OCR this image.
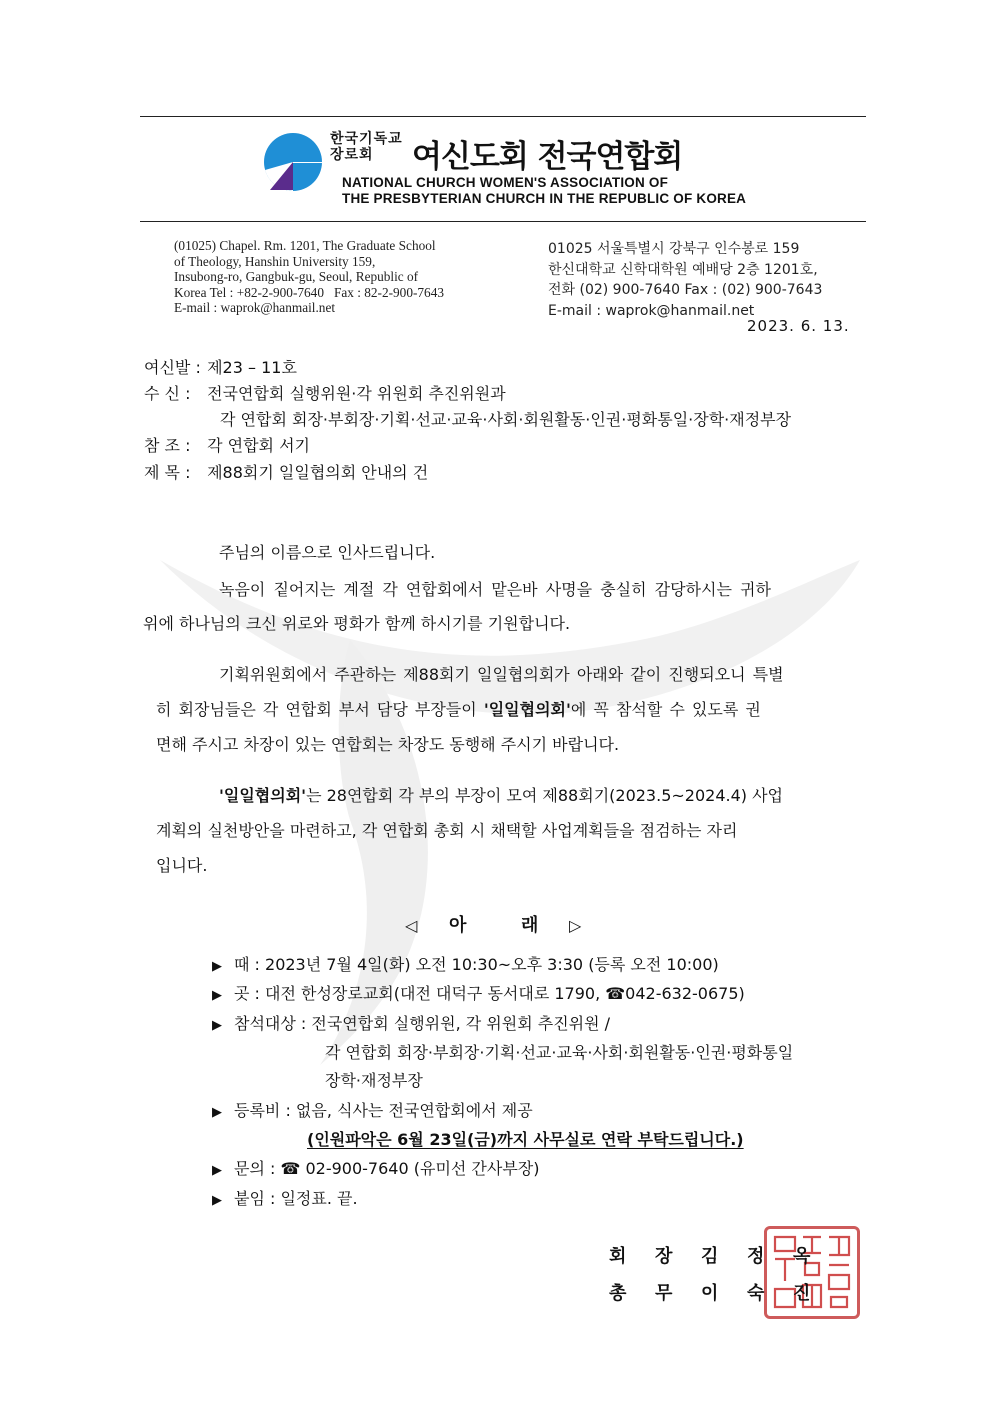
한국기독교 장로회	여신도회 전국연합회
NATIONAL CHURCH WOMEN'S ASSOCIATION OF
THE PRESBYTERIAN CHURCH IN THE REPUBLIC OF KOREA
(01025) Chapel. Rm. 1201, The Graduate School
of Theology, Hanshin University 159,
Insubong-ro, Gangbuk-gu, Seoul, Republic of
Korea Tel : +82-2-900-7640   Fax : 82-2-900-7643
E-mail : waprok@hanmail.net
01025 서울특별시 강북구 인수봉로 159
한신대학교 신학대학원 예배당 2층 1201호,
전화 (02) 900-7640 Fax : (02) 900-7643
E-mail : waprok@hanmail.net
2023. 6. 13.
여신발 : 제23 – 11호
수 신 : 전국연합회 실행위원·각 위원회 추진위원과
각 연합회 회장·부회장·기획·선교·교육·사회·회원활동·인권·평화통일·장학·재정부장
참 조 : 각 연합회 서기
제 목 : 제88회기 일일협의회 안내의 건
주님의 이름으로 인사드립니다.
녹음이 짙어지는 계절 각 연합회에서 맡은바 사명을 충실히 감당하시는 귀하
위에 하나님의 크신 위로와 평화가 함께 하시기를 기원합니다.
기획위원회에서 주관하는 제88회기 일일협의회가 아래와 같이 진행되오니 특별
히 회장님들은 각 연합회 부서 담당 부장들이 '일일협의회'에 꼭 참석할 수 있도록 권
면해 주시고 차장이 있는 연합회는 차장도 동행해 주시기 바랍니다.
'일일협의회'는 28연합회 각 부의 부장이 모여 제88회기(2023.5~2024.4) 사업
계획의 실천방안을 마련하고, 각 연합회 총회 시 채택할 사업계획들을 점검하는 자리
입니다.
◁ 아	래 ▷
▶ 때 : 2023년 7월 4일(화) 오전 10:30~오후 3:30 (등록 오전 10:00)
▶ 곳 : 대전 한성장로교회(대전 대덕구 동서대로 1790, ☎042-632-0675)
▶ 참석대상 : 전국연합회 실행위원, 각 위원회 추진위원 /
각 연합회 회장·부회장·기획·선교·교육·사회·회원활동·인권·평화통일
장학·재정부장
▶ 등록비 : 없음, 식사는 전국연합회에서 제공
(인원파악은 6월 23일(금)까지 사무실로 연락 부탁드립니다.)
▶ 문의 : ☎ 02-900-7640 (유미선 간사부장)
▶ 붙임 : 일정표. 끝.
회 장 김 정 옥
총 무 이 숙 진
